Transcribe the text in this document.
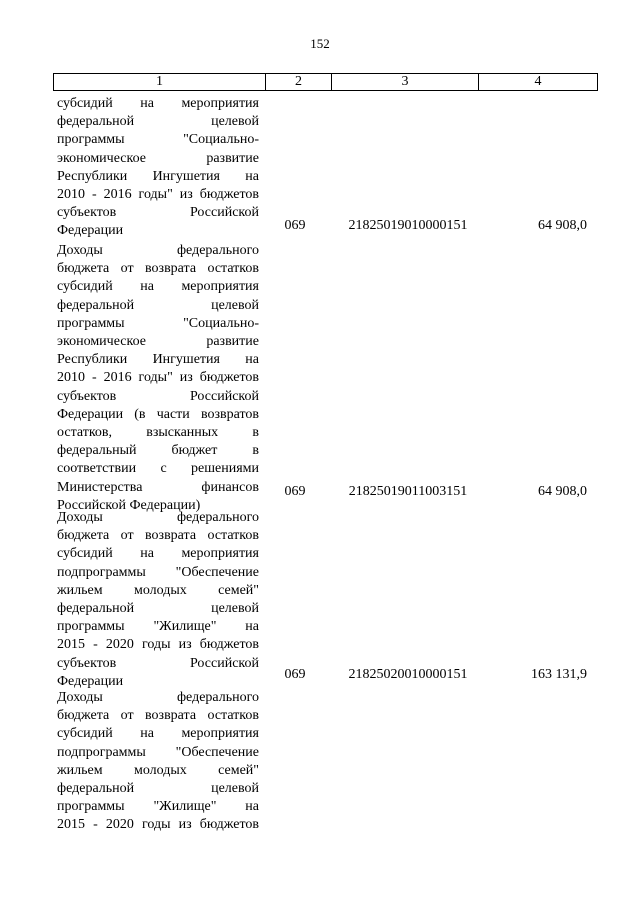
152
1	2	3	4
субсидий на мероприятия
федеральной целевой
программы "Социально-
экономическое развитие
Республики Ингушетия на
2010 - 2016 годы" из бюджетов
субъектов Российской
Федерации	069	21825019010000151	64 908,0
Доходы федерального
бюджета от возврата остатков
субсидий на мероприятия
федеральной целевой
программы "Социально-
экономическое развитие
Республики Ингушетия на
2010 - 2016 годы" из бюджетов
субъектов Российской
Федерации (в части возвратов
остатков, взысканных в
федеральный бюджет в
соответствии с решениями
Министерства финансов
Российской Федерации)
069	21825019011003151	64 908,0
Доходы федерального
бюджета от возврата остатков
субсидий на мероприятия
подпрограммы "Обеспечение
жильем молодых семей"
федеральной целевой
программы "Жилище" на
2015 - 2020 годы из бюджетов
субъектов Российской
Федерации	069	21825020010000151	163 131,9
Доходы федерального
бюджета от возврата остатков
субсидий на мероприятия
подпрограммы "Обеспечение
жильем молодых семей"
федеральной целевой
программы "Жилище" на
2015 - 2020 годы из бюджетов
